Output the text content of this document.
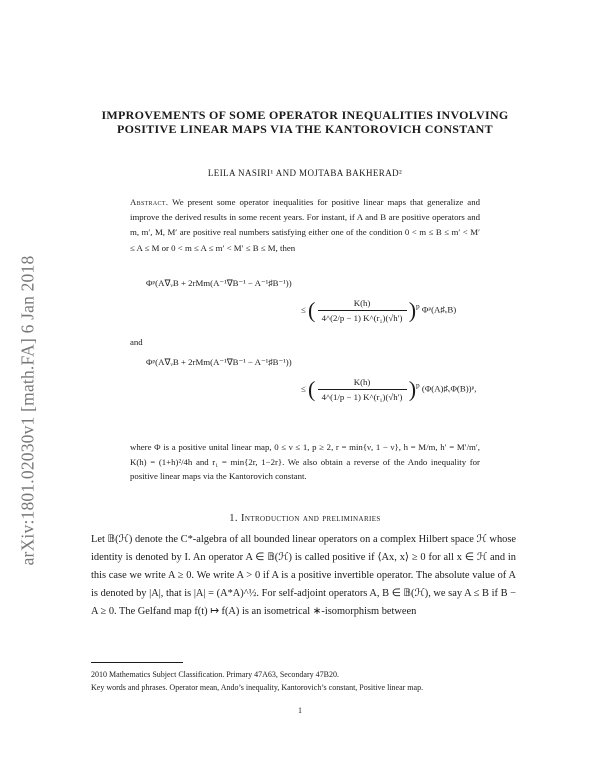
arXiv:1801.02030v1 [math.FA] 6 Jan 2018
IMPROVEMENTS OF SOME OPERATOR INEQUALITIES INVOLVING POSITIVE LINEAR MAPS VIA THE KANTOROVICH CONSTANT
LEILA NASIRI¹ AND MOJTABA BAKHERAD²
Abstract. We present some operator inequalities for positive linear maps that generalize and improve the derived results in some recent years. For instant, if A and B are positive operators and m, m′, M, M′ are positive real numbers satisfying either one of the condition 0 < m ≤ B ≤ m′ < M′ ≤ A ≤ M or 0 < m ≤ A ≤ m′ < M′ ≤ B ≤ M, then
Φᵖ(A∇ᵥB + 2rMm(A⁻¹∇B⁻¹ − A⁻¹♯B⁻¹))
≤ ( $\frac{K(h)}{\text{4\textasciicircum{}(2/p − 1) K\textasciicircum{}(r₁)(√h′)}} )^p$ Φᵖ(A♯ᵥB)
and
Φᵖ(A∇ᵥB + 2rMm(A⁻¹∇B⁻¹ − A⁻¹♯B⁻¹))
≤ ( $\frac{K(h)}{\text{4\textasciicircum{}(1/p − 1) K\textasciicircum{}(r₁)(√h′)}} )^p$ (Φ(A)♯ᵥΦ(B))ᵖ,
where Φ is a positive unital linear map, 0 ≤ ν ≤ 1, p ≥ 2, r = min{ν, 1 − ν}, h = M/m, h′ = M′/m′, K(h) = (1+h)²/4h and r₁ = min{2r, 1−2r}. We also obtain a reverse of the Ando inequality for positive linear maps via the Kantorovich constant.
1. Introduction and preliminaries
Let 𝔹(ℋ) denote the C*-algebra of all bounded linear operators on a complex Hilbert space ℋ whose identity is denoted by I. An operator A ∈ 𝔹(ℋ) is called positive if ⟨Ax, x⟩ ≥ 0 for all x ∈ ℋ and in this case we write A ≥ 0. We write A > 0 if A is a positive invertible operator. The absolute value of A is denoted by |A|, that is |A| = (A*A)^½. For self-adjoint operators A, B ∈ 𝔹(ℋ), we say A ≤ B if B − A ≥ 0. The Gelfand map f(t) ↦ f(A) is an isometrical ∗-isomorphism between
2010 Mathematics Subject Classification. Primary 47A63, Secondary 47B20.
Key words and phrases. Operator mean, Ando’s inequality, Kantorovich’s constant, Positive linear map.
1
